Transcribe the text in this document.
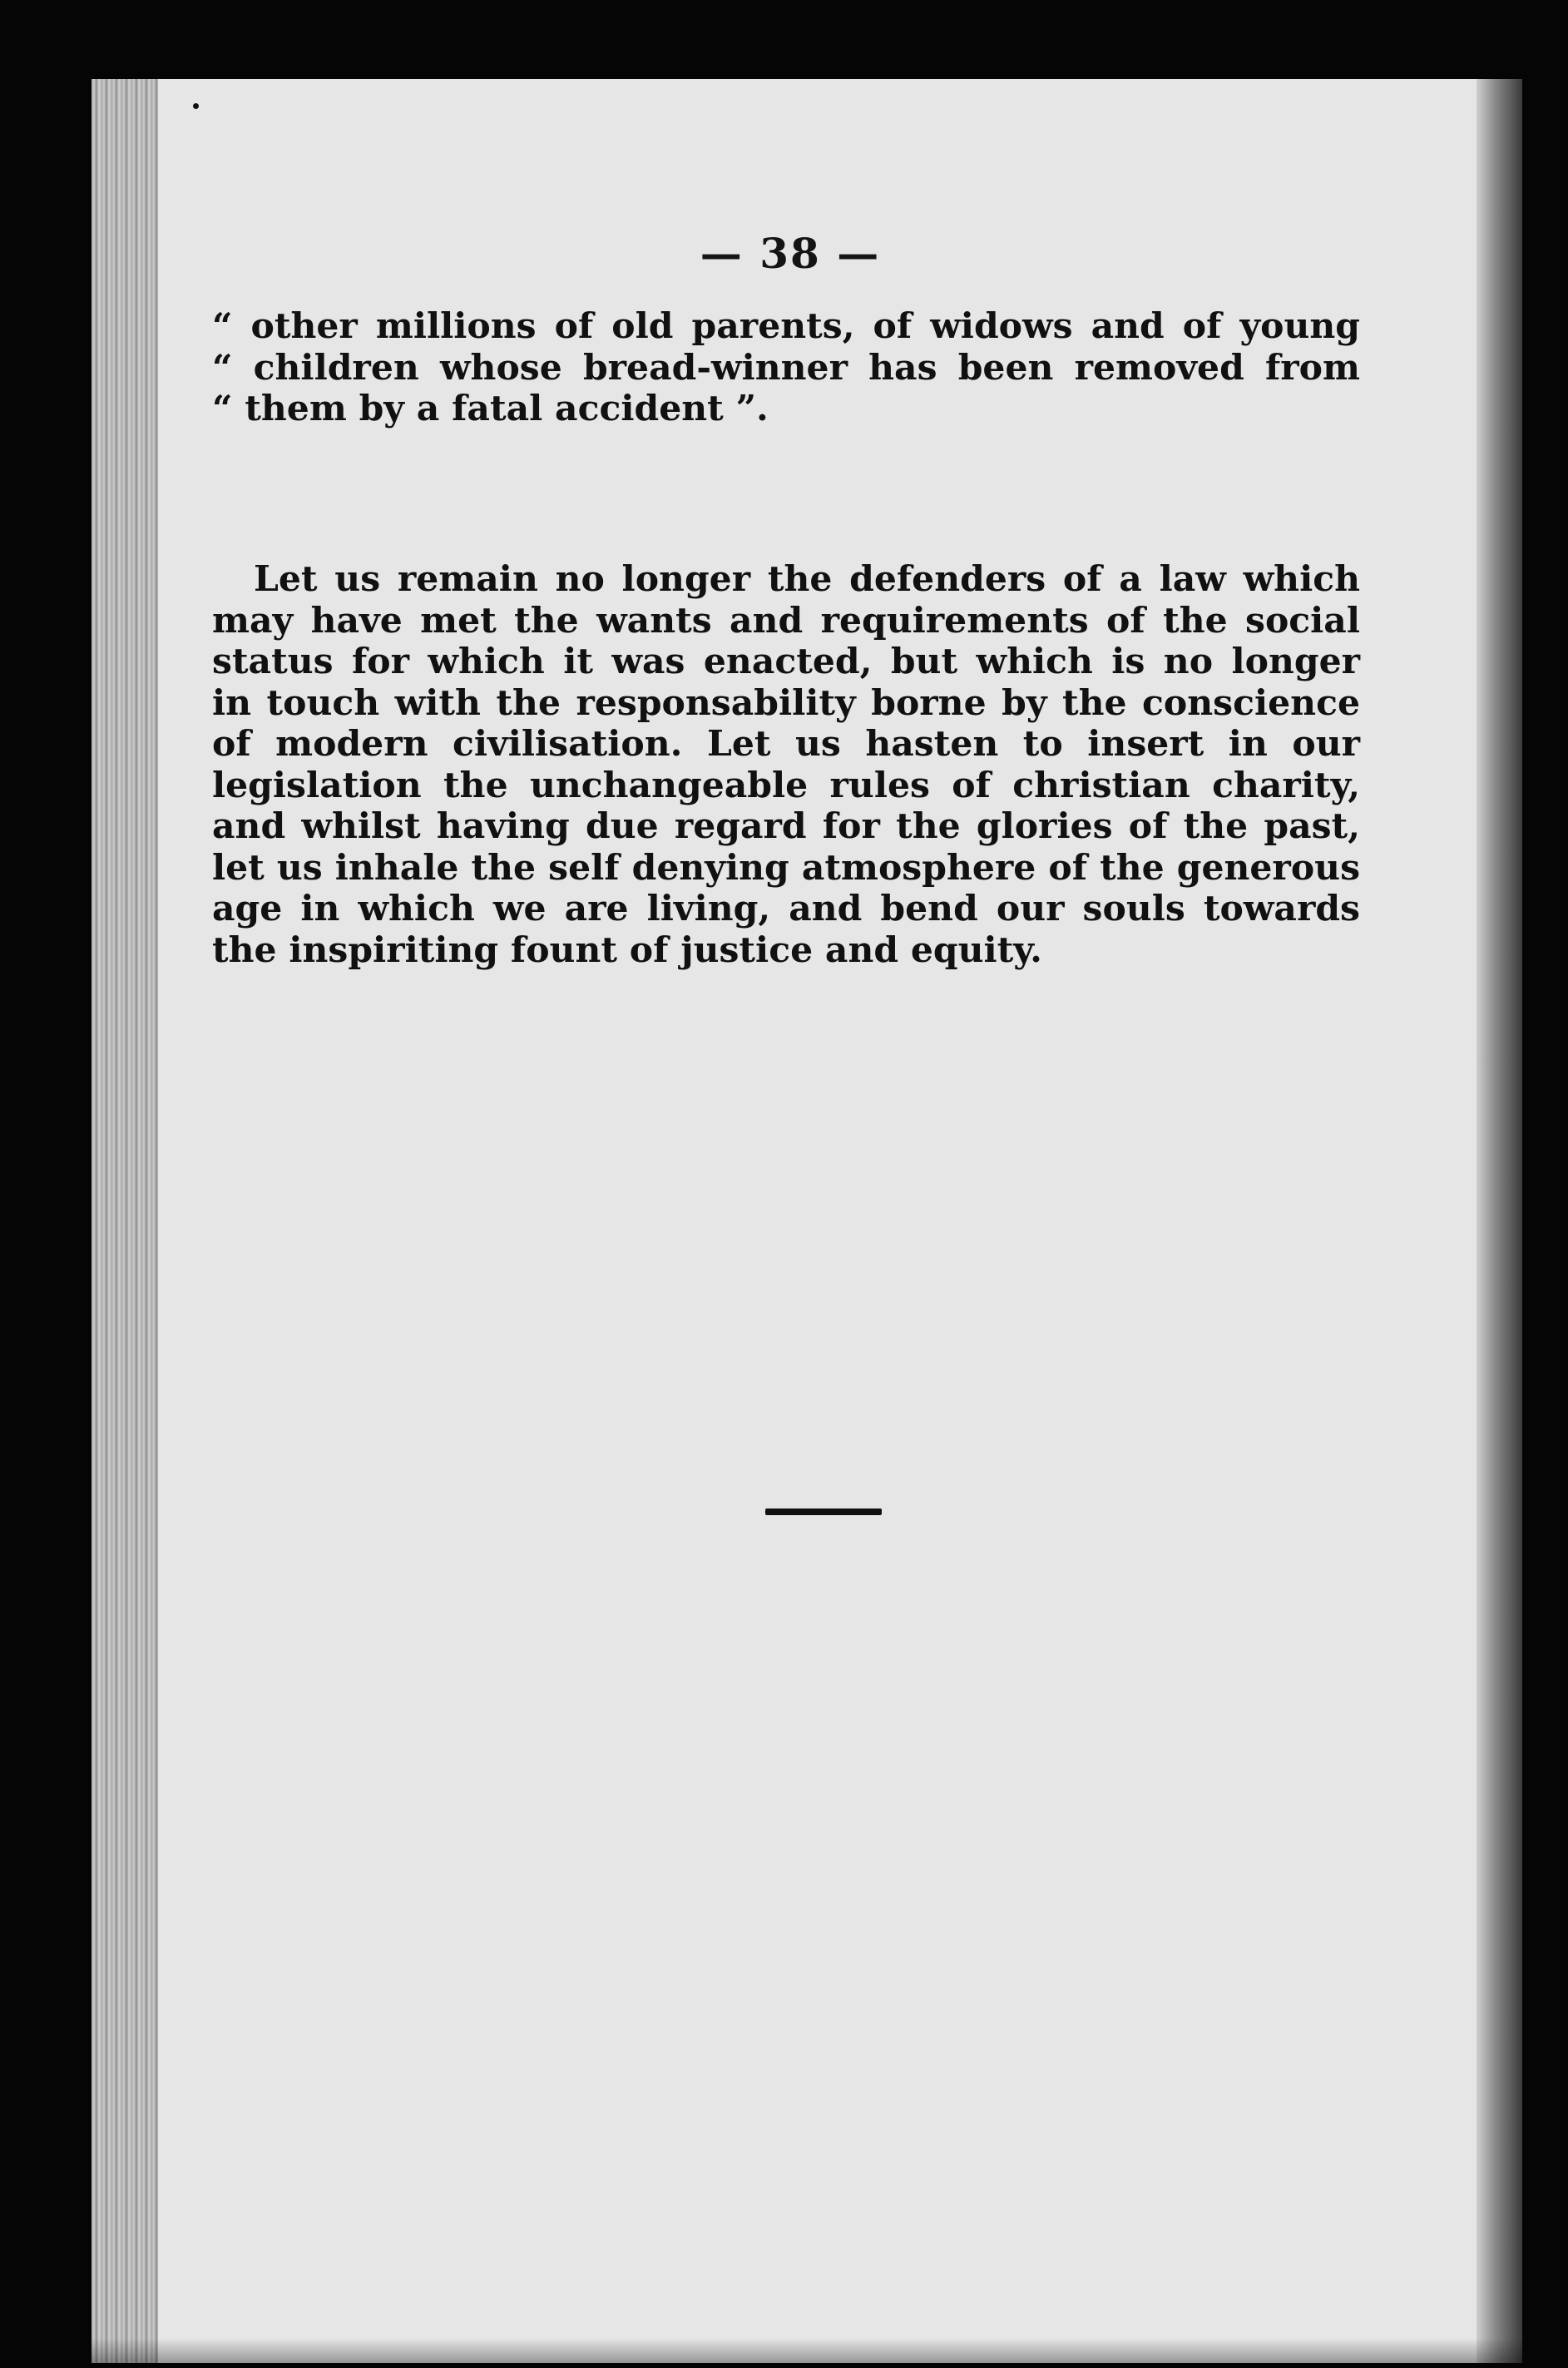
— 38 —
“ other millions of old parents, of widows and of young
“ children whose bread-winner has been removed from
“ them by a fatal accident ”.
Let us remain no longer the defenders of a law which
may have met the wants and requirements of the social
status for which it was enacted, but which is no longer
in touch with the responsability borne by the conscience
of modern civilisation. Let us hasten to insert in our
legislation the unchangeable rules of christian charity,
and whilst having due regard for the glories of the past,
let us inhale the self denying atmosphere of the generous
age in which we are living, and bend our souls towards
the inspiriting fount of justice and equity.
